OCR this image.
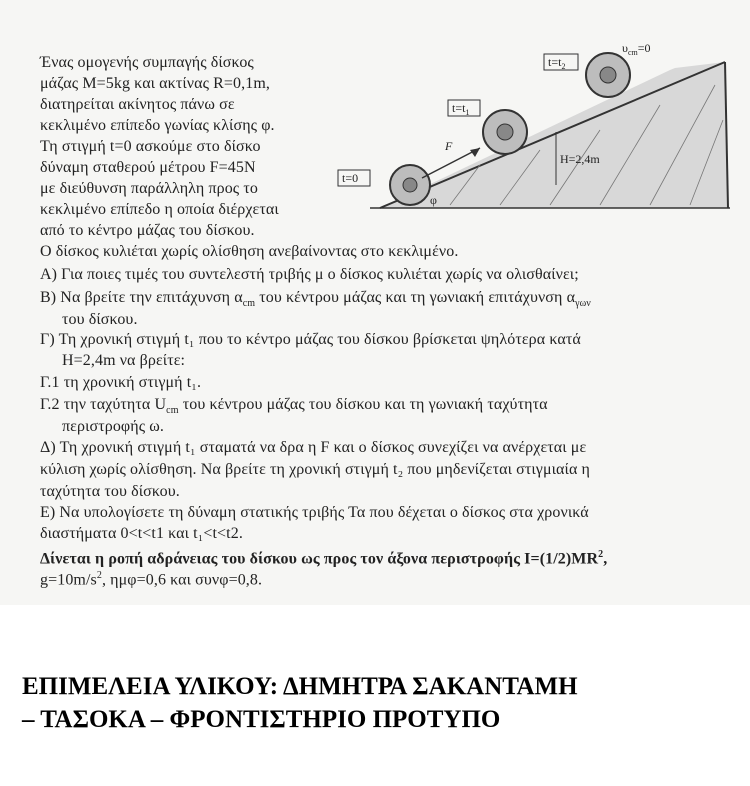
Ένας ομογενής συμπαγής δίσκος
μάζας M=5kg και ακτίνας R=0,1m,
διατηρείται ακίνητος πάνω σε
κεκλιμένο επίπεδο γωνίας κλίσης φ.
Τη στιγμή t=0 ασκούμε στο δίσκο
δύναμη σταθερού μέτρου F=45N
με διεύθυνση παράλληλη προς το
κεκλιμένο επίπεδο η οποία διέρχεται
από το κέντρο μάζας του δίσκου.
F
H=2,4m
φ
t=0
$t=t_1$
$t=t_2$
$\upsilon_{cm}=0$
Ο δίσκος κυλιέται χωρίς ολίσθηση ανεβαίνοντας στο κεκλιμένο.
Α) Για ποιες τιμές του συντελεστή τριβής μ ο δίσκος κυλιέται χωρίς να ολισθαίνει;
Β) Να βρείτε την επιτάχυνση $\alpha_{cm}$ του κέντρου μάζας και τη γωνιακή επιτάχυνση $\alpha_{\gamma\omega\nu}$
του δίσκου.
Γ) Τη χρονική στιγμή t₁ που το κέντρο μάζας του δίσκου βρίσκεται ψηλότερα κατά
Η=2,4m να βρείτε:
Γ.1 τη χρονική στιγμή t₁.
Γ.2 την ταχύτητα $U_{cm}$ του κέντρου μάζας του δίσκου και τη γωνιακή ταχύτητα
περιστροφής ω.
Δ) Τη χρονική στιγμή t₁ σταματά να δρα η F και ο δίσκος συνεχίζει να ανέρχεται με
κύλιση χωρίς ολίσθηση. Να βρείτε τη χρονική στιγμή t₂ που μηδενίζεται στιγμιαία η
ταχύτητα του δίσκου.
Ε) Να υπολογίσετε τη δύναμη στατικής τριβής Τα που δέχεται ο δίσκος στα χρονικά
διαστήματα 0<t<t1 και t₁<t<t2.
Δίνεται η ροπή αδράνειας του δίσκου ως προς τον άξονα περιστροφής $I=(1/2)MR^2$,
$g=10m/s^2$, ημφ=0,6 και συνφ=0,8.
ΕΠΙΜΕΛΕΙΑ ΥΛΙΚΟΥ: ΔΗΜΗΤΡΑ ΣΑΚΑΝΤΑΜΗ
– ΤΑΣΟΚΑ – ΦΡΟΝΤΙΣΤΗΡΙΟ ΠΡΟΤΥΠΟ
